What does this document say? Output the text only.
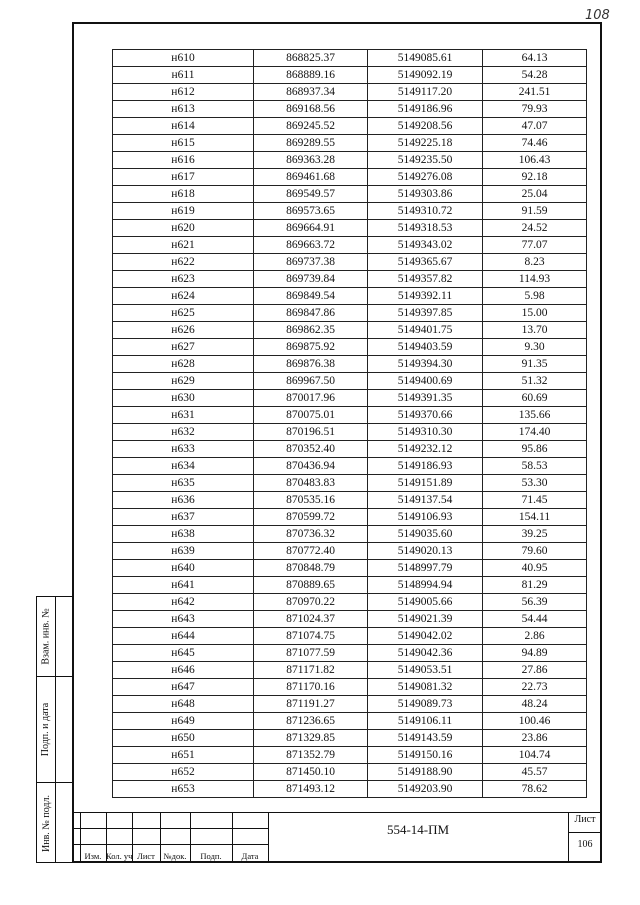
108
н610	868825.37	5149085.61	64.13
н611	868889.16	5149092.19	54.28
н612	868937.34	5149117.20	241.51
н613	869168.56	5149186.96	79.93
н614	869245.52	5149208.56	47.07
н615	869289.55	5149225.18	74.46
н616	869363.28	5149235.50	106.43
н617	869461.68	5149276.08	92.18
н618	869549.57	5149303.86	25.04
н619	869573.65	5149310.72	91.59
н620	869664.91	5149318.53	24.52
н621	869663.72	5149343.02	77.07
н622	869737.38	5149365.67	8.23
н623	869739.84	5149357.82	114.93
н624	869849.54	5149392.11	5.98
н625	869847.86	5149397.85	15.00
н626	869862.35	5149401.75	13.70
н627	869875.92	5149403.59	9.30
н628	869876.38	5149394.30	91.35
н629	869967.50	5149400.69	51.32
н630	870017.96	5149391.35	60.69
н631	870075.01	5149370.66	135.66
н632	870196.51	5149310.30	174.40
н633	870352.40	5149232.12	95.86
н634	870436.94	5149186.93	58.53
н635	870483.83	5149151.89	53.30
н636	870535.16	5149137.54	71.45
н637	870599.72	5149106.93	154.11
н638	870736.32	5149035.60	39.25
н639	870772.40	5149020.13	79.60
н640	870848.79	5148997.79	40.95
н641	870889.65	5148994.94	81.29
н642	870970.22	5149005.66	56.39
н643	871024.37	5149021.39	54.44
н644	871074.75	5149042.02	2.86
н645	871077.59	5149042.36	94.89
н646	871171.82	5149053.51	27.86
н647	871170.16	5149081.32	22.73
н648	871191.27	5149089.73	48.24
н649	871236.65	5149106.11	100.46
н650	871329.85	5149143.59	23.86
н651	871352.79	5149150.16	104.74
н652	871450.10	5149188.90	45.57
н653	871493.12	5149203.90	78.62
Взам. инв. №
Подп. и дата
Инв. № подл.
Изм. Кол. уч Лист	№док.	Подп.	Дата
554-14-ПМ
Лист
106
